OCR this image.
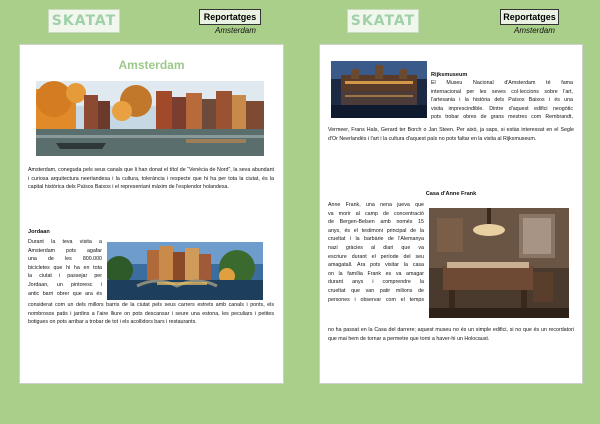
SKATAT	Reportatges
Amsterdam
SKATAT	Reportatges
Amsterdam
Amsterdam

Amsterdam, coneguda pels seus canals que li han donat el títol de “Venècia de Nord”, la seva abundant i curiosa arquitectura neerlandesa i la cultura, tolerància i respecte que hi ha per tota la ciutat, és la capital històrica dels Països Baixos i el representant màxim de l'esplendor holandesa.

Jordaan
Durant la teva visita a
Amsterdam pots agafar
una de les 800.000
bicicletes que hi ha en tota
la ciutat i passejar per
Jordaan, un pintoresc i
antic barri obrer que ara és

considerat com un dels millors barris de la ciutat pels seus carrers estrets amb canals i ponts, els nombrosos patis i jardins a l'aire lliure on pots descansar i seure una estona, les peculiars i petites botigues on pots arribar a trobar de tot i els acollidors bars i restaurants.

Rijksmuseum
El Museu Nacional d'Amsterdam té fama
internacional per les seves col·leccions sobre l'art,
l'artesania i la història dels Països Baixos i és una
visita imprescindible. Dintre d'aquest edifici neogòtic
pots trobar obres de grans mestres com Rembrandt,

Vermeer, Frans Hals, Gerard ter Borch o Jan Steen. Per això, ja saps, si estàs interessat en el Segle d'Or Neerlandès i l'art i la cultura d'aquest país no pots faltar en la visita al Rijksmuseum.

Casa d'Anne Frank
Anne Frank, una nena jueva que
va morir al camp de concentració
de Bergen-Belsen amb només 15
anys, és el testimoni principal de la
crueltat i la barbàrie de l'Alemanya
nazi gràcies al diari que va
escriure durant el període del seu
amagatall. Ara pots visitar la casa
on la família Frank es va amagar
durant anys i comprendre la
crueltat que van patir milions de
persones i observar com el temps

no ha passat en la Casa del darrere; aquest museu no és un simple edifici, si no que és un recordatori que mai hem de tornar a permetre que torni a haver-hi un Holocaust.
